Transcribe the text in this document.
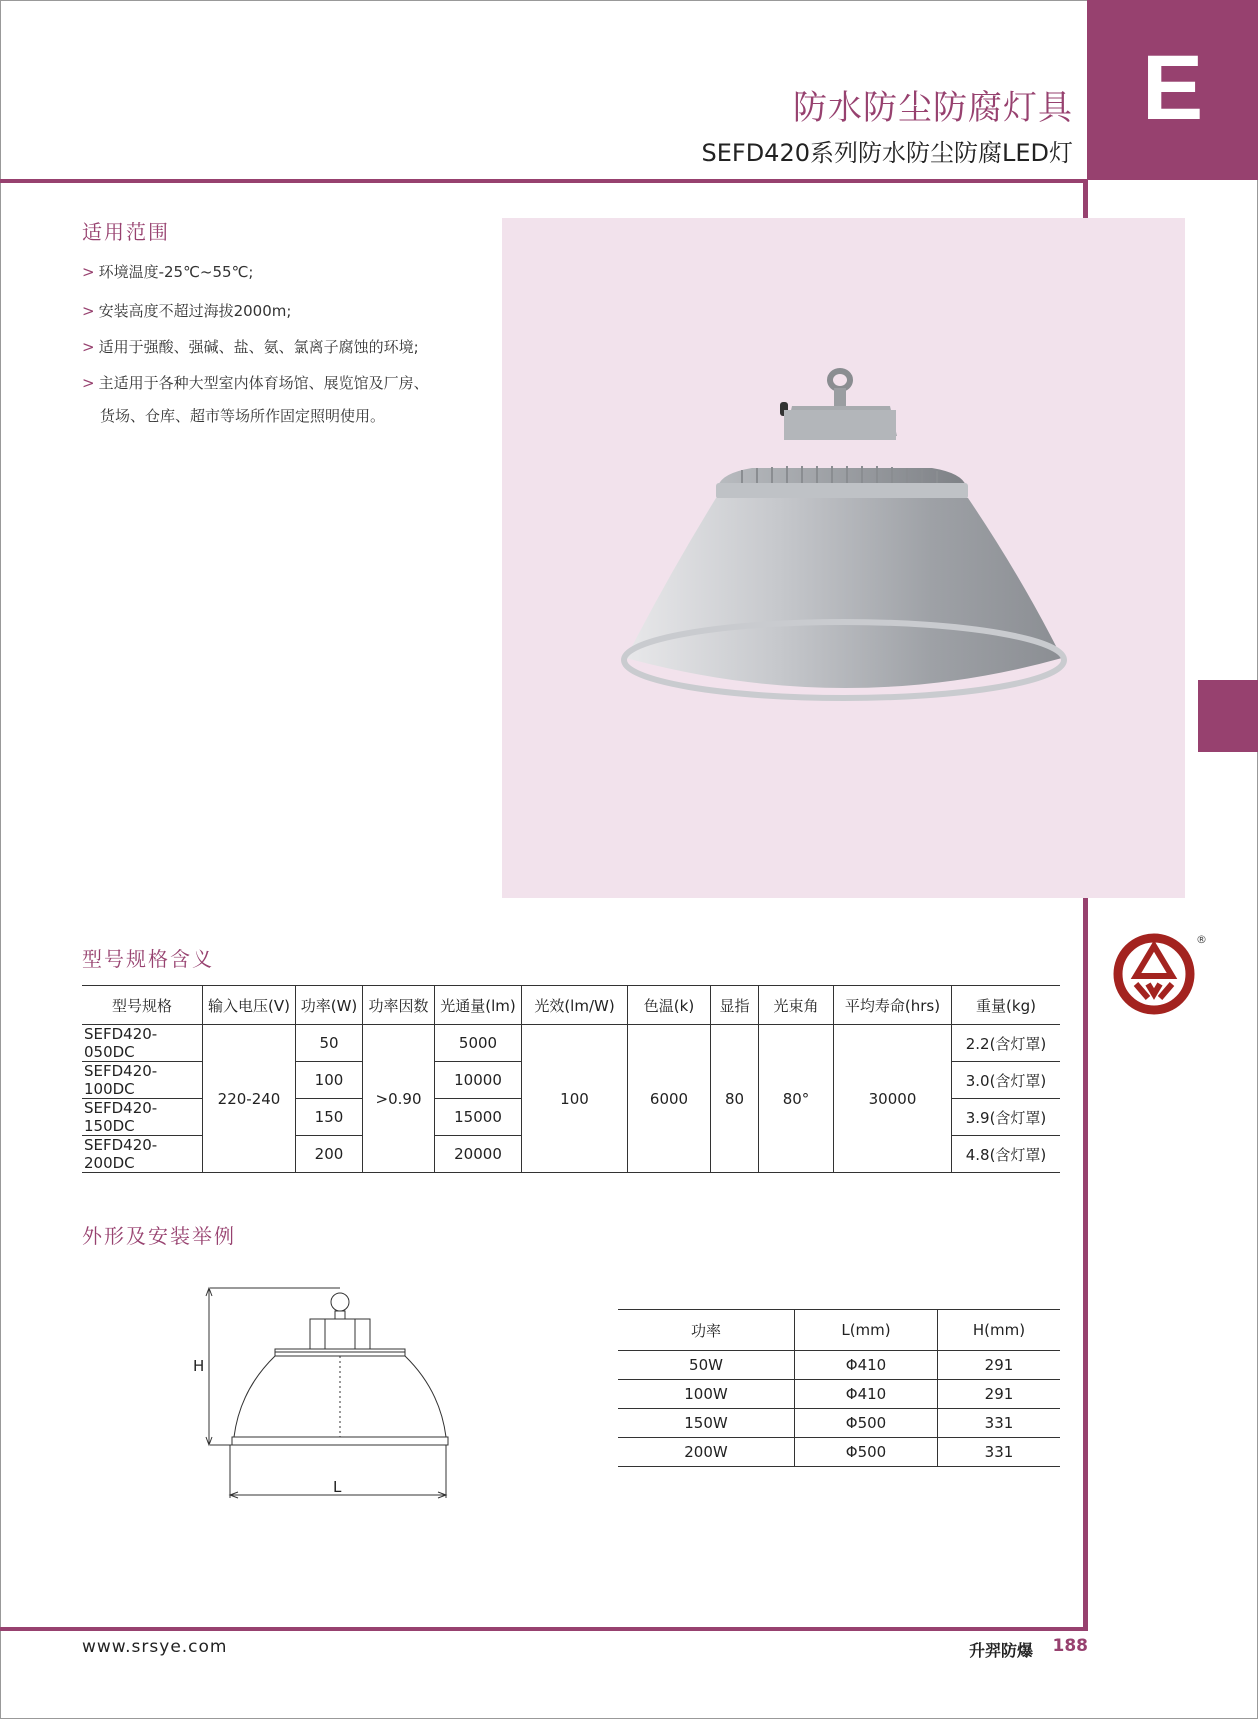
E
防水防尘防腐灯具
SEFD420系列防水防尘防腐LED灯
适用范围
> 环境温度-25℃~55℃;
> 安装高度不超过海拔2000m;
> 适用于强酸、强碱、盐、氨、氯离子腐蚀的环境;
> 主适用于各种大型室内体育场馆、展览馆及厂房、
货场、仓库、超市等场所作固定照明使用。
型号规格含义
型号规格	输入电压(V)	功率(W)	功率因数	光通量(lm)	光效(lm/W)	色温(k)	显指	光束角	平均寿命(hrs)	重量(kg)
SEFD420-050DC	220-240	50	>0.90	5000	100	6000	80	80°	30000	2.2(含灯罩)
SEFD420-100DC		100		10000						3.0(含灯罩)
SEFD420-150DC		150		15000						3.9(含灯罩)
SEFD420-200DC		200		20000						4.8(含灯罩)
外形及安装举例
H
L
功率	L(mm)	H(mm)
50W	Φ410	291
100W	Φ410	291
150W	Φ500	331
200W	Φ500	331
®
www.srsye.com	升羿防爆 188
